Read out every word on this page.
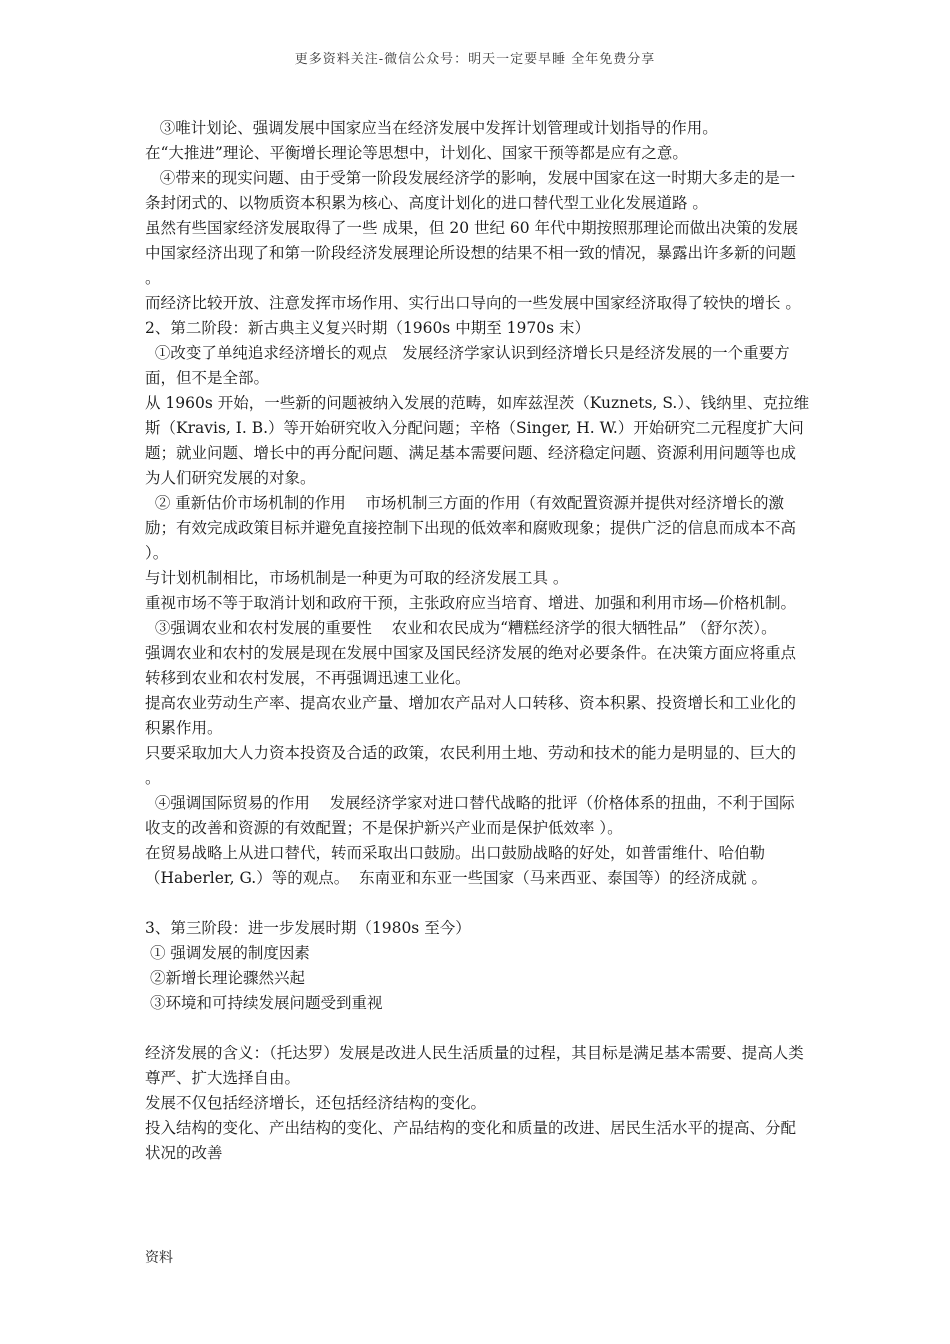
更多资料关注-微信公众号：明天一定要早睡 全年免费分享

③唯计划论、强调发展中国家应当在经济发展中发挥计划管理或计划指导的作用。

在“大推进”理论、平衡增长理论等思想中，计划化、国家干预等都是应有之意。

④带来的现实问题、由于受第一阶段发展经济学的影响，发展中国家在这一时期大多走的是一条封闭式的、以物质资本积累为核心、高度计划化的进口替代型工业化发展道路 。

虽然有些国家经济发展取得了一些 成果，但 20 世纪 60 年代中期按照那理论而做出决策的发展中国家经济出现了和第一阶段经济发展理论所设想的结果不相一致的情况，暴露出许多新的问题 。

而经济比较开放、注意发挥市场作用、实行出口导向的一些发展中国家经济取得了较快的增长 。

2、第二阶段：新古典主义复兴时期（1960s 中期至 1970s 末）

①改变了单纯追求经济增长的观点   发展经济学家认识到经济增长只是经济发展的一个重要方面，但不是全部。

从 1960s 开始，一些新的问题被纳入发展的范畴，如库兹涅茨（Kuznets, S.）、钱纳里、克拉维斯（Kravis, I. B.）等开始研究收入分配问题；辛格（Singer, H. W.）开始研究二元程度扩大问题；就业问题、增长中的再分配问题、满足基本需要问题、经济稳定问题、资源利用问题等也成为人们研究发展的对象。

② 重新估价市场机制的作用    市场机制三方面的作用（有效配置资源并提供对经济增长的激励；有效完成政策目标并避免直接控制下出现的低效率和腐败现象；提供广泛的信息而成本不高 ）。

与计划机制相比，市场机制是一种更为可取的经济发展工具 。

重视市场不等于取消计划和政府干预，主张政府应当培育、增进、加强和利用市场—价格机制。

③强调农业和农村发展的重要性    农业和农民成为“糟糕经济学的很大牺牲品” （舒尔茨）。

强调农业和农村的发展是现在发展中国家及国民经济发展的绝对必要条件。在决策方面应将重点转移到农业和农村发展，不再强调迅速工业化。

提高农业劳动生产率、提高农业产量、增加农产品对人口转移、资本积累、投资增长和工业化的积累作用。

只要采取加大人力资本投资及合适的政策，农民利用土地、劳动和技术的能力是明显的、巨大的 。

④强调国际贸易的作用    发展经济学家对进口替代战略的批评（价格体系的扭曲，不利于国际收支的改善和资源的有效配置；不是保护新兴产业而是保护低效率 ）。

在贸易战略上从进口替代，转而采取出口鼓励。出口鼓励战略的好处，如普雷维什、哈伯勒（Haberler, G.）等的观点。  东南亚和东亚一些国家（马来西亚、泰国等）的经济成就 。

3、第三阶段：进一步发展时期（1980s 至今）

① 强调发展的制度因素

②新增长理论骤然兴起

③环境和可持续发展问题受到重视

经济发展的含义：（托达罗）发展是改进人民生活质量的过程，其目标是满足基本需要、提高人类尊严、扩大选择自由。

发展不仅包括经济增长，还包括经济结构的变化。

投入结构的变化、产出结构的变化、产品结构的变化和质量的改进、居民生活水平的提高、分配状况的改善

资料
